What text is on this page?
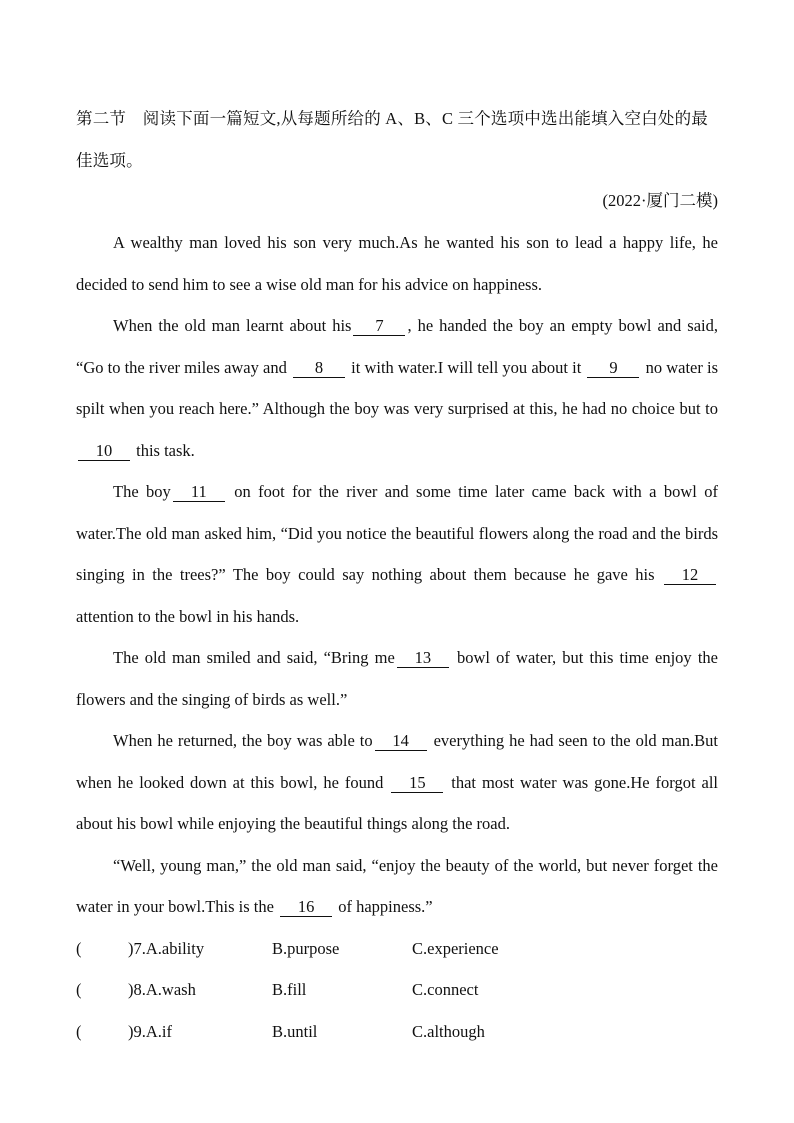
第二节　阅读下面一篇短文,从每题所给的 A、B、C 三个选项中选出能填入空白处的最佳选项。
(2022·厦门二模)
A wealthy man loved his son very much.As he wanted his son to lead a happy life, he decided to send him to see a wise old man for his advice on happiness.
When the old man learnt about his 7 , he handed the boy an empty bowl and said, “Go to the river miles away and 8 it with water.I will tell you about it 9 no water is spilt when you reach here.” Although the boy was very surprised at this, he had no choice but to 10 this task.
The boy 11 on foot for the river and some time later came back with a bowl of water.The old man asked him, “Did you notice the beautiful flowers along the road and the birds singing in the trees?” The boy could say nothing about them because he gave his 12 attention to the bowl in his hands.
The old man smiled and said, “Bring me 13 bowl of water, but this time enjoy the flowers and the singing of birds as well.”
When he returned, the boy was able to 14 everything he had seen to the old man.But when he looked down at this bowl, he found 15 that most water was gone.He forgot all about his bowl while enjoying the beautiful things along the road.
“Well, young man,” the old man said, “enjoy the beauty of the world, but never forget the water in your bowl.This is the 16 of happiness.”
(	)7.A.ability	B.purpose	C.experience
(	)8.A.wash	B.fill	C.connect
(	)9.A.if	B.until	C.although
